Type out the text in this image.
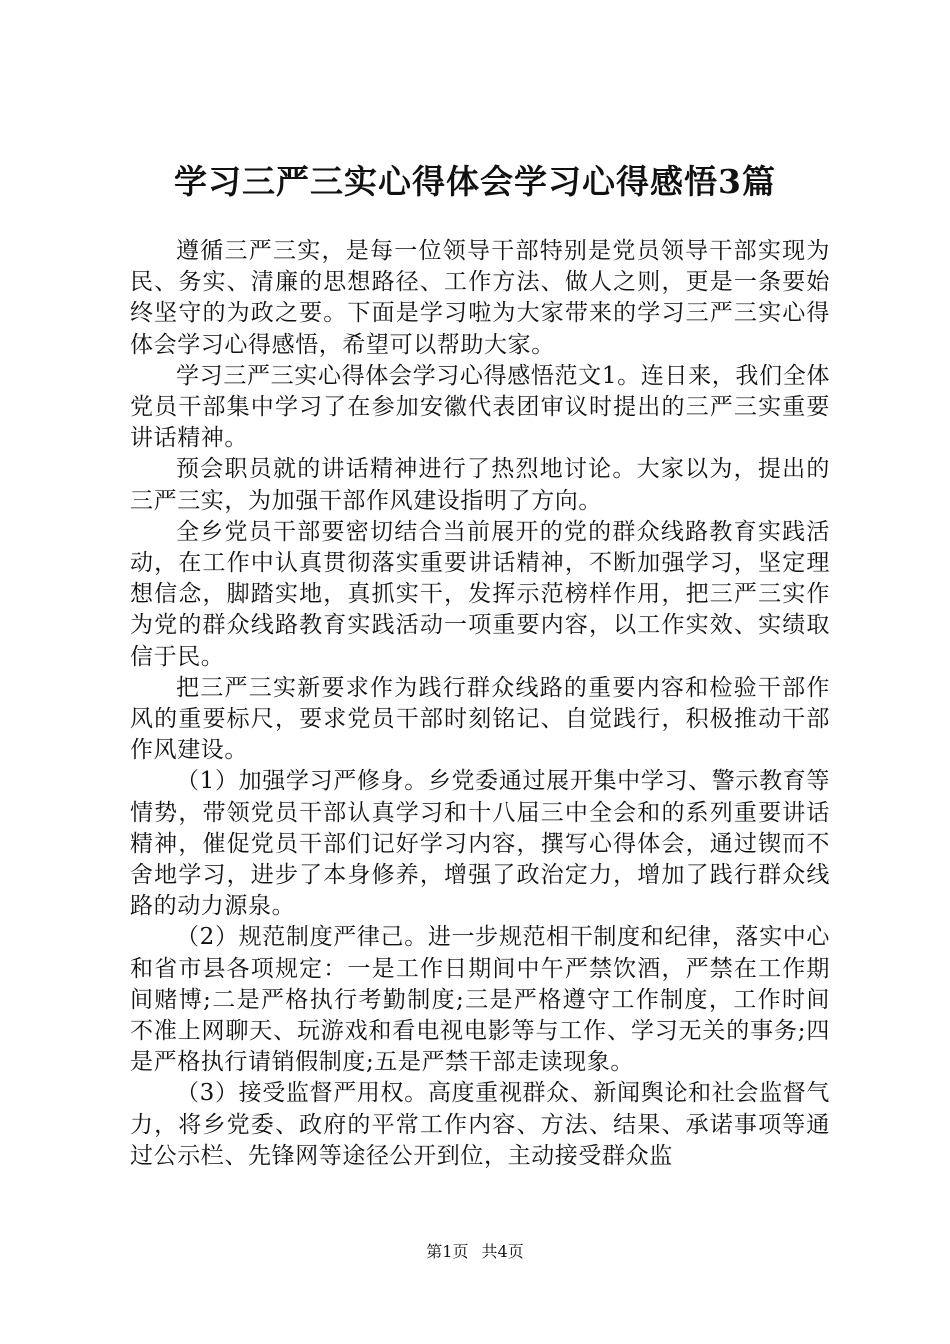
学习三严三实心得体会学习心得感悟3篇

遵循三严三实，是每一位领导干部特别是党员领导干部实现为民、务实、清廉的思想路径、工作方法、做人之则，更是一条要始终坚守的为政之要。下面是学习啦为大家带来的学习三严三实心得体会学习心得感悟，希望可以帮助大家。

学习三严三实心得体会学习心得感悟范文1。连日来，我们全体党员干部集中学习了在参加安徽代表团审议时提出的三严三实重要讲话精神。

预会职员就的讲话精神进行了热烈地讨论。大家以为，提出的三严三实，为加强干部作风建设指明了方向。

全乡党员干部要密切结合当前展开的党的群众线路教育实践活动，在工作中认真贯彻落实重要讲话精神，不断加强学习，坚定理想信念，脚踏实地，真抓实干，发挥示范榜样作用，把三严三实作为党的群众线路教育实践活动一项重要内容，以工作实效、实绩取信于民。

把三严三实新要求作为践行群众线路的重要内容和检验干部作风的重要标尺，要求党员干部时刻铭记、自觉践行，积极推动干部作风建设。

（1）加强学习严修身。乡党委通过展开集中学习、警示教育等情势，带领党员干部认真学习和十八届三中全会和的系列重要讲话精神，催促党员干部们记好学习内容，撰写心得体会，通过锲而不舍地学习，进步了本身修养，增强了政治定力，增加了践行群众线路的动力源泉。

（2）规范制度严律己。进一步规范相干制度和纪律，落实中心和省市县各项规定：一是工作日期间中午严禁饮酒，严禁在工作期间赌博;二是严格执行考勤制度;三是严格遵守工作制度，工作时间不准上网聊天、玩游戏和看电视电影等与工作、学习无关的事务;四是严格执行请销假制度;五是严禁干部走读现象。

（3）接受监督严用权。高度重视群众、新闻舆论和社会监督气力，将乡党委、政府的平常工作内容、方法、结果、承诺事项等通过公示栏、先锋网等途径公开到位，主动接受群众监

第1页 共4页
